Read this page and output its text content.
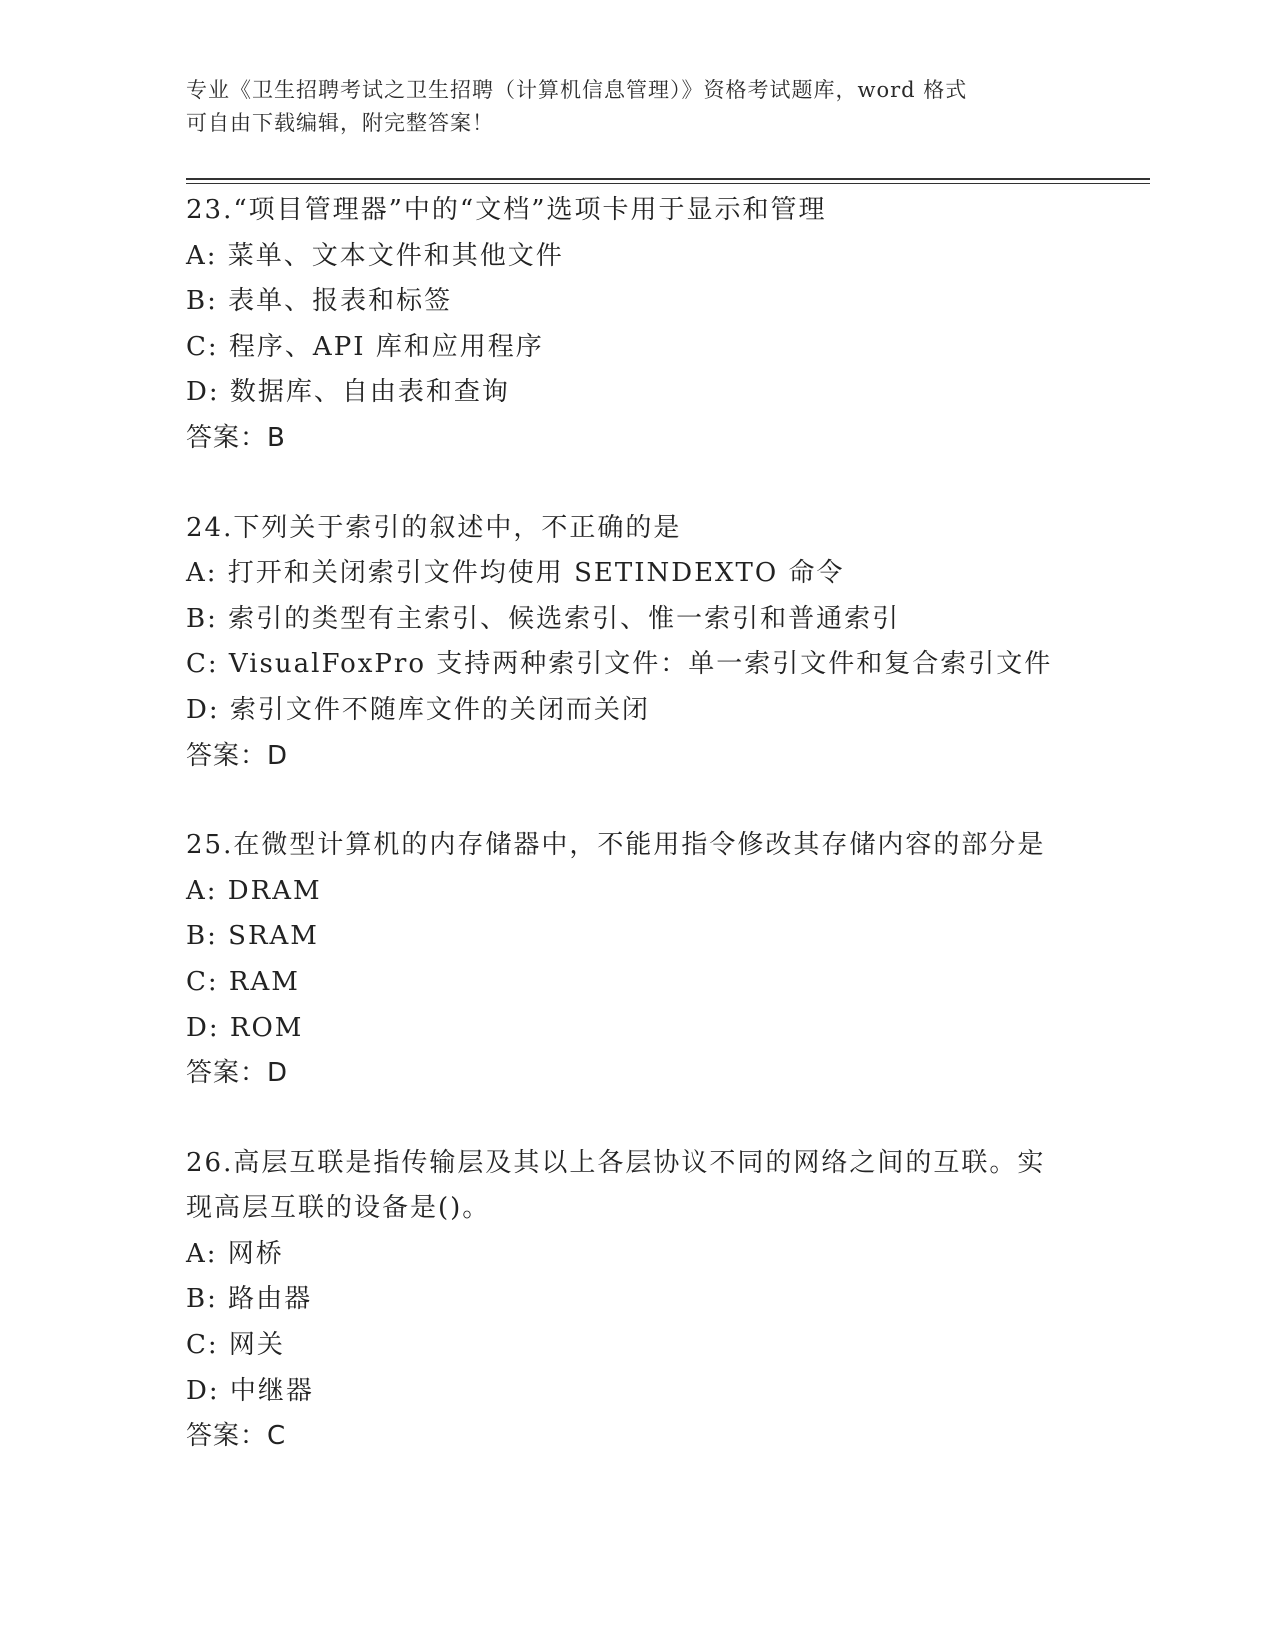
专业《卫生招聘考试之卫生招聘（计算机信息管理）》资格考试题库，word 格式
可自由下载编辑，附完整答案！
23.“项目管理器”中的“文档”选项卡用于显示和管理
A: 菜单、文本文件和其他文件
B: 表单、报表和标签
C: 程序、API 库和应用程序
D: 数据库、自由表和查询
答案：B
24.下列关于索引的叙述中，不正确的是
A: 打开和关闭索引文件均使用 SETINDEXTO 命令
B: 索引的类型有主索引、候选索引、惟一索引和普通索引
C: VisualFoxPro 支持两种索引文件：单一索引文件和复合索引文件
D: 索引文件不随库文件的关闭而关闭
答案：D
25.在微型计算机的内存储器中，不能用指令修改其存储内容的部分是
A: DRAM
B: SRAM
C: RAM
D: ROM
答案：D
26.高层互联是指传输层及其以上各层协议不同的网络之间的互联。实
现高层互联的设备是()。
A: 网桥
B: 路由器
C: 网关
D: 中继器
答案：C
